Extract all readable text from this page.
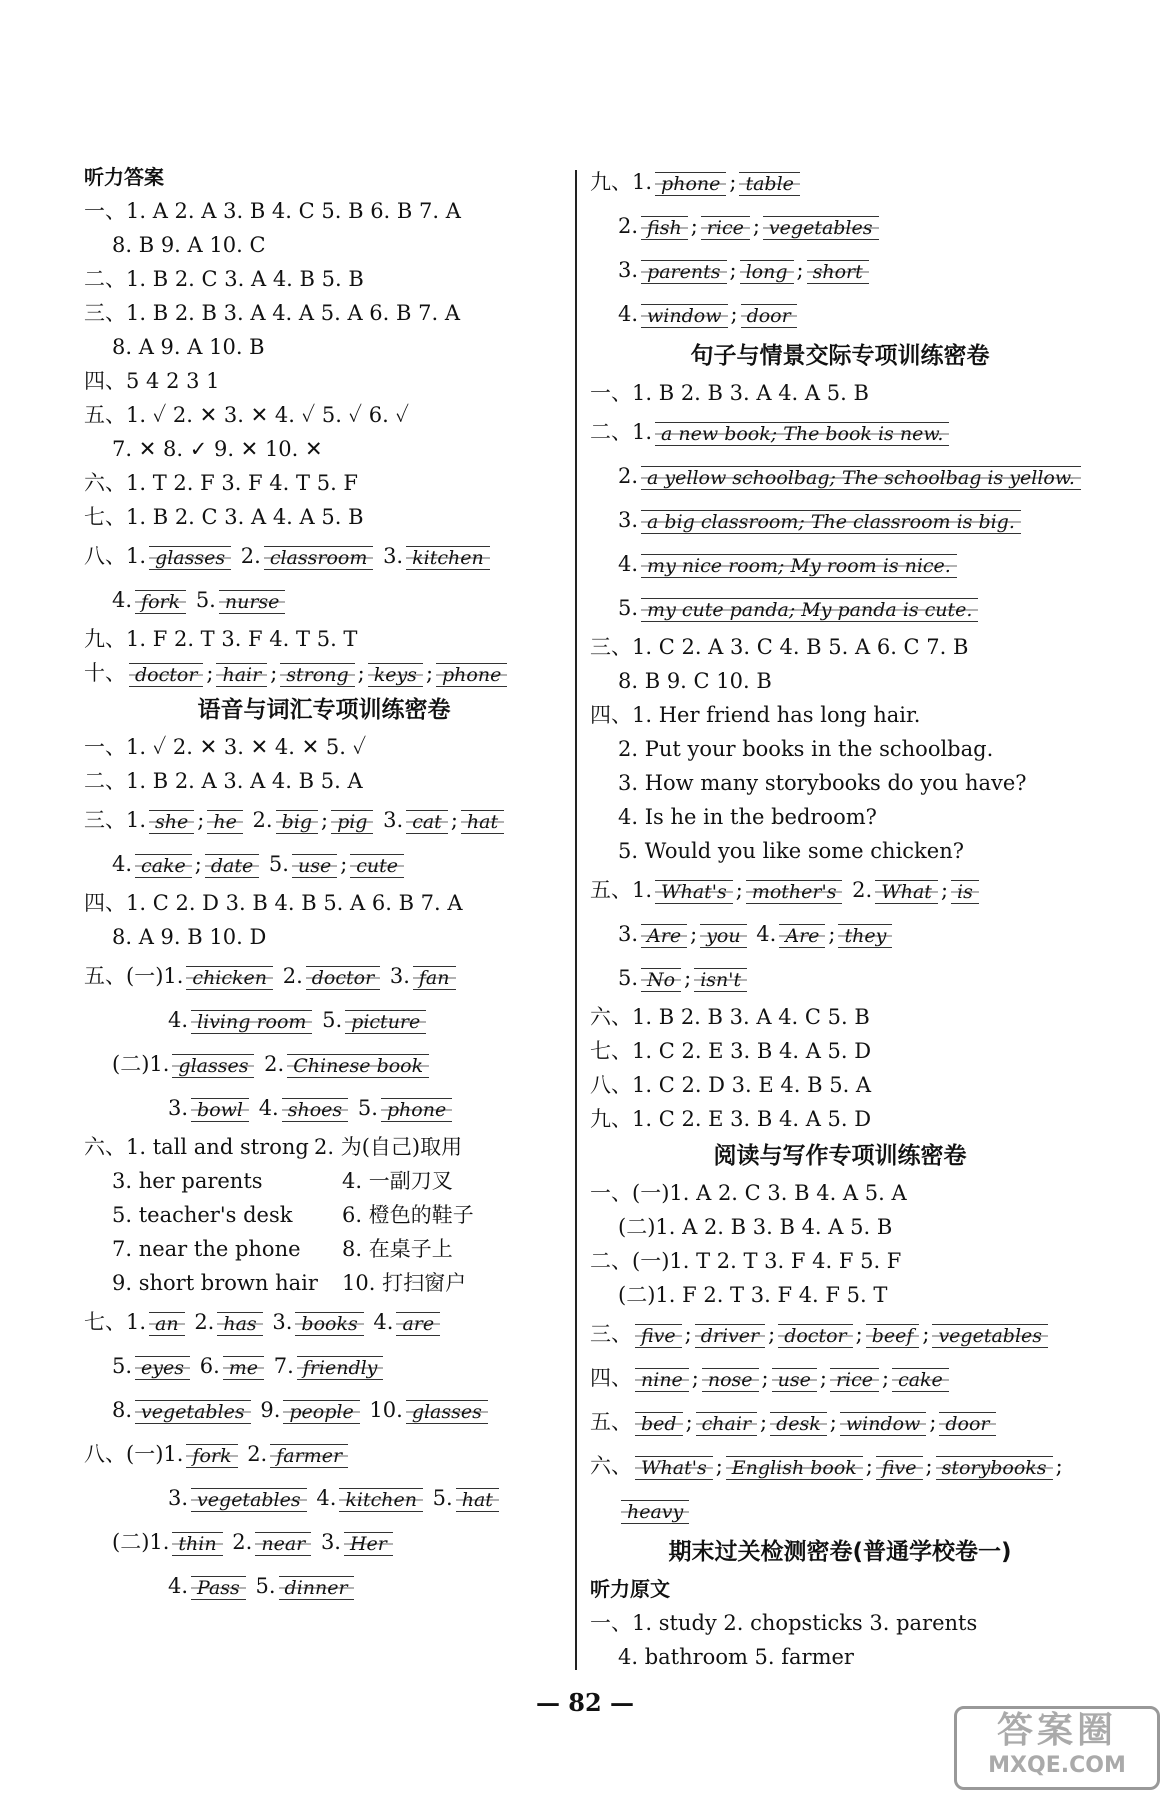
听力答案
一、1. A 2. A 3. B 4. C 5. B 6. B 7. A
8. B 9. A 10. C
二、1. B 2. C 3. A 4. B 5. B
三、1. B 2. B 3. A 4. A 5. A 6. B 7. A
8. A 9. A 10. B
四、5 4 2 3 1
五、1. ✓ 2. ✕ 3. ✕ 4. ✓ 5. ✓ 6. ✓
7. ✕ 8. ✓ 9. ✕ 10. ✕
六、1. T 2. F 3. F 4. T 5. F
七、1. B 2. C 3. A 4. A 5. B
八、1. glasses 2. classroom 3. kitchen
4. fork 5. nurse
九、1. F 2. T 3. F 4. T 5. T
十、 doctor ; hair ; strong ; keys ; phone
语音与词汇专项训练密卷
一、1. ✓ 2. ✕ 3. ✕ 4. ✕ 5. ✓
二、1. B 2. A 3. A 4. B 5. A
三、1. she ; he 2. big ; pig 3. cat ; hat
4. cake ; date 5. use ; cute
四、1. C 2. D 3. B 4. B 5. A 6. B 7. A
8. A 9. B 10. D
五、(一)1. chicken 2. doctor 3. fan
4. living room 5. picture
(二)1. glasses 2. Chinese book
3. bowl 4. shoes 5. phone
六、1. tall and strong 2. 为(自己)取用
3. her parents	4. 一副刀叉
5. teacher's desk	6. 橙色的鞋子
7. near the phone	8. 在桌子上
9. short brown hair	10. 打扫窗户
七、1. an 2. has 3. books 4. are
5. eyes 6. me 7. friendly
8. vegetables 9. people 10. glasses
八、(一)1. fork 2. farmer
3. vegetables 4. kitchen 5. hat
(二)1. thin 2. near 3. Her
4. Pass 5. dinner
九、1. phone ; table
2. fish ; rice ; vegetables
3. parents ; long ; short
4. window ; door
句子与情景交际专项训练密卷
一、1. B 2. B 3. A 4. A 5. B
二、1. a new book; The book is new.
2. a yellow schoolbag; The schoolbag is yellow.
3. a big classroom; The classroom is big.
4. my nice room; My room is nice.
5. my cute panda; My panda is cute.
三、1. C 2. A 3. C 4. B 5. A 6. C 7. B
8. B 9. C 10. B
四、1. Her friend has long hair.
2. Put your books in the schoolbag.
3. How many storybooks do you have?
4. Is he in the bedroom?
5. Would you like some chicken?
五、1. What's ; mother's 2. What ; is
3. Are ; you 4. Are ; they
5. No ; isn't
六、1. B 2. B 3. A 4. C 5. B
七、1. C 2. E 3. B 4. A 5. D
八、1. C 2. D 3. E 4. B 5. A
九、1. C 2. E 3. B 4. A 5. D
阅读与写作专项训练密卷
一、(一)1. A 2. C 3. B 4. A 5. A
(二)1. A 2. B 3. B 4. A 5. B
二、(一)1. T 2. T 3. F 4. F 5. F
(二)1. F 2. T 3. F 4. F 5. T
三、 five ; driver ; doctor ; beef ; vegetables
四、 nine ; nose ; use ; rice ; cake
五、 bed ; chair ; desk ; window ; door
六、 What's ; English book ; five ; storybooks ;
heavy
期末过关检测密卷(普通学校卷一)
听力原文
一、1. study 2. chopsticks 3. parents
4. bathroom 5. farmer
— 82 —
答案圈
MXQE.COM
